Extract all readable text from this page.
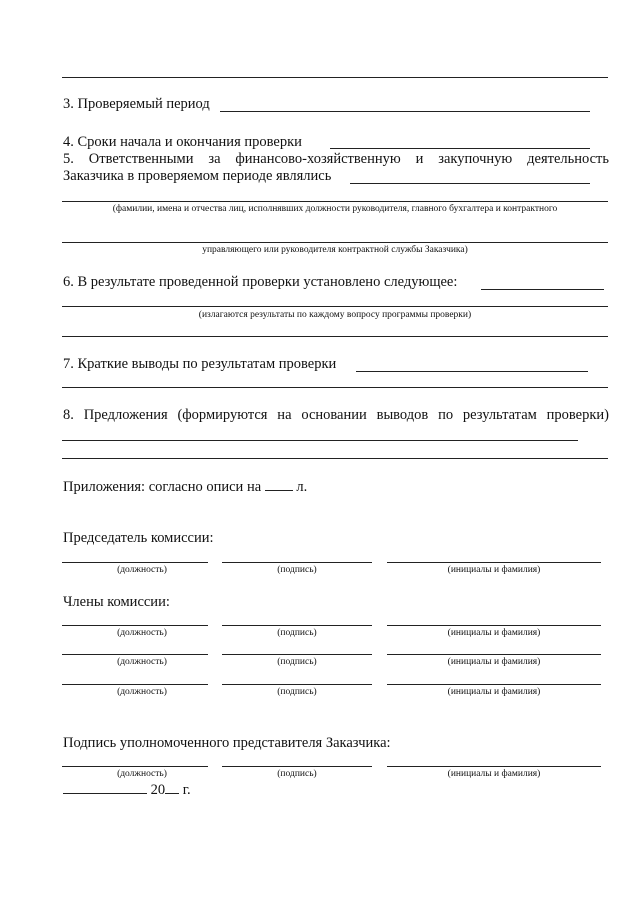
3. Проверяемый период
4. Сроки начала и окончания проверки
5. Ответственными за финансово-хозяйственную и закупочную деятельность
Заказчика в проверяемом периоде являлись
(фамилии, имена и отчества лиц, исполнявших должности руководителя, главного бухгалтера и контрактного
управляющего или руководителя контрактной службы Заказчика)
6. В результате проведенной проверки установлено следующее:
(излагаются результаты по каждому вопросу программы проверки)
7. Краткие выводы по результатам проверки
8. Предложения (формируются на основании выводов по результатам проверки)
Приложения: согласно описи на л.
Председатель комиссии:
(должность)	(подпись)	(инициалы и фамилия)
Члены комиссии:
(должность)	(подпись)	(инициалы и фамилия)
(должность)	(подпись)	(инициалы и фамилия)
(должность)	(подпись)	(инициалы и фамилия)
Подпись уполномоченного представителя Заказчика:
(должность)	(подпись)	(инициалы и фамилия)
20 г.
